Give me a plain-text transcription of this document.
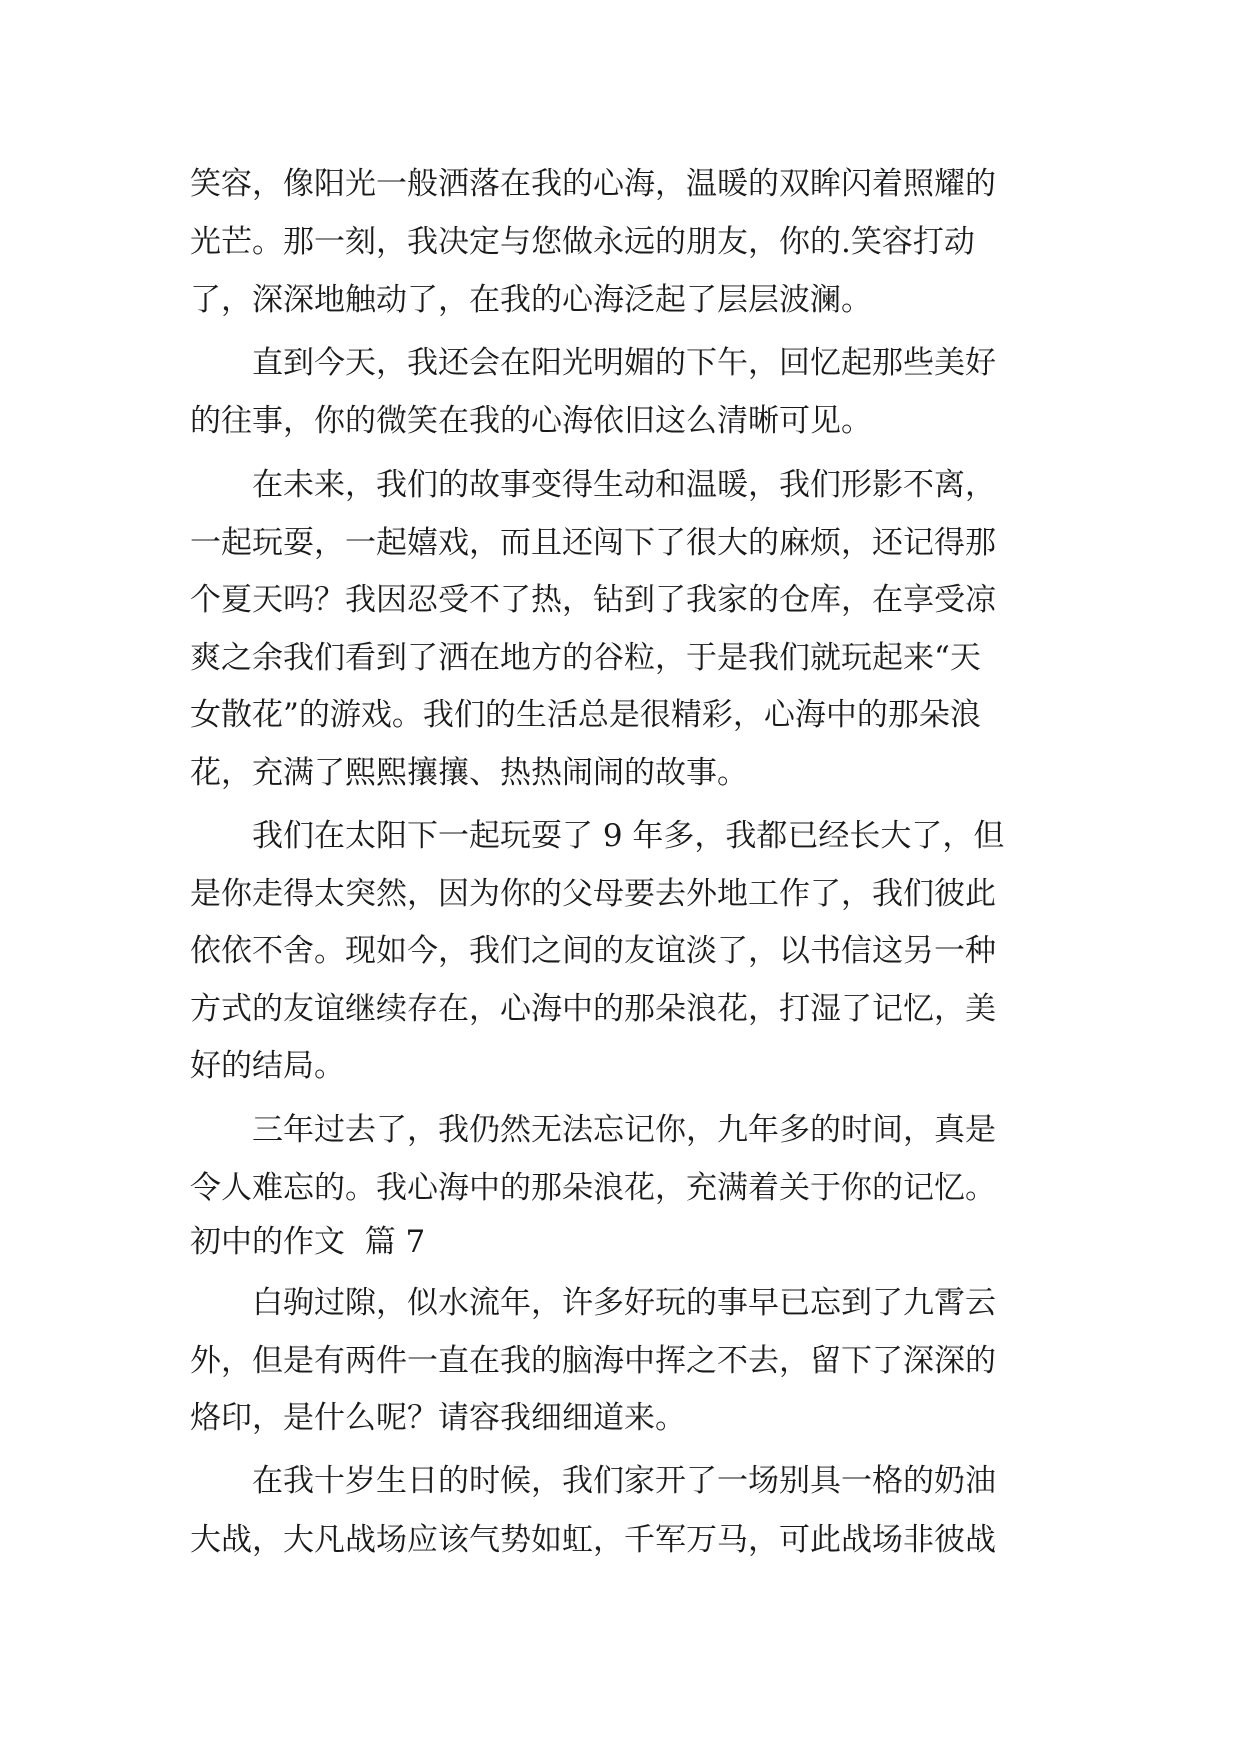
笑容，像阳光一般洒落在我的心海，温暖的双眸闪着照耀的

光芒。那一刻，我决定与您做永远的朋友，你的.笑容打动

了，深深地触动了，在我的心海泛起了层层波澜。

　　直到今天，我还会在阳光明媚的下午，回忆起那些美好

的往事，你的微笑在我的心海依旧这么清晰可见。

　　在未来，我们的故事变得生动和温暖，我们形影不离，

一起玩耍，一起嬉戏，而且还闯下了很大的麻烦，还记得那

个夏天吗？我因忍受不了热，钻到了我家的仓库，在享受凉

爽之余我们看到了洒在地方的谷粒，于是我们就玩起来“天

女散花”的游戏。我们的生活总是很精彩，心海中的那朵浪

花，充满了熙熙攘攘、热热闹闹的故事。

　　我们在太阳下一起玩耍了 9 年多，我都已经长大了，但

是你走得太突然，因为你的父母要去外地工作了，我们彼此

依依不舍。现如今，我们之间的友谊淡了，以书信这另一种

方式的友谊继续存在，心海中的那朵浪花，打湿了记忆，美

好的结局。

　　三年过去了，我仍然无法忘记你，九年多的时间，真是

令人难忘的。我心海中的那朵浪花，充满着关于你的记忆。

初中的作文  篇 7

　　白驹过隙，似水流年，许多好玩的事早已忘到了九霄云

外，但是有两件一直在我的脑海中挥之不去，留下了深深的

烙印，是什么呢？请容我细细道来。

　　在我十岁生日的时候，我们家开了一场别具一格的奶油

大战，大凡战场应该气势如虹，千军万马，可此战场非彼战
